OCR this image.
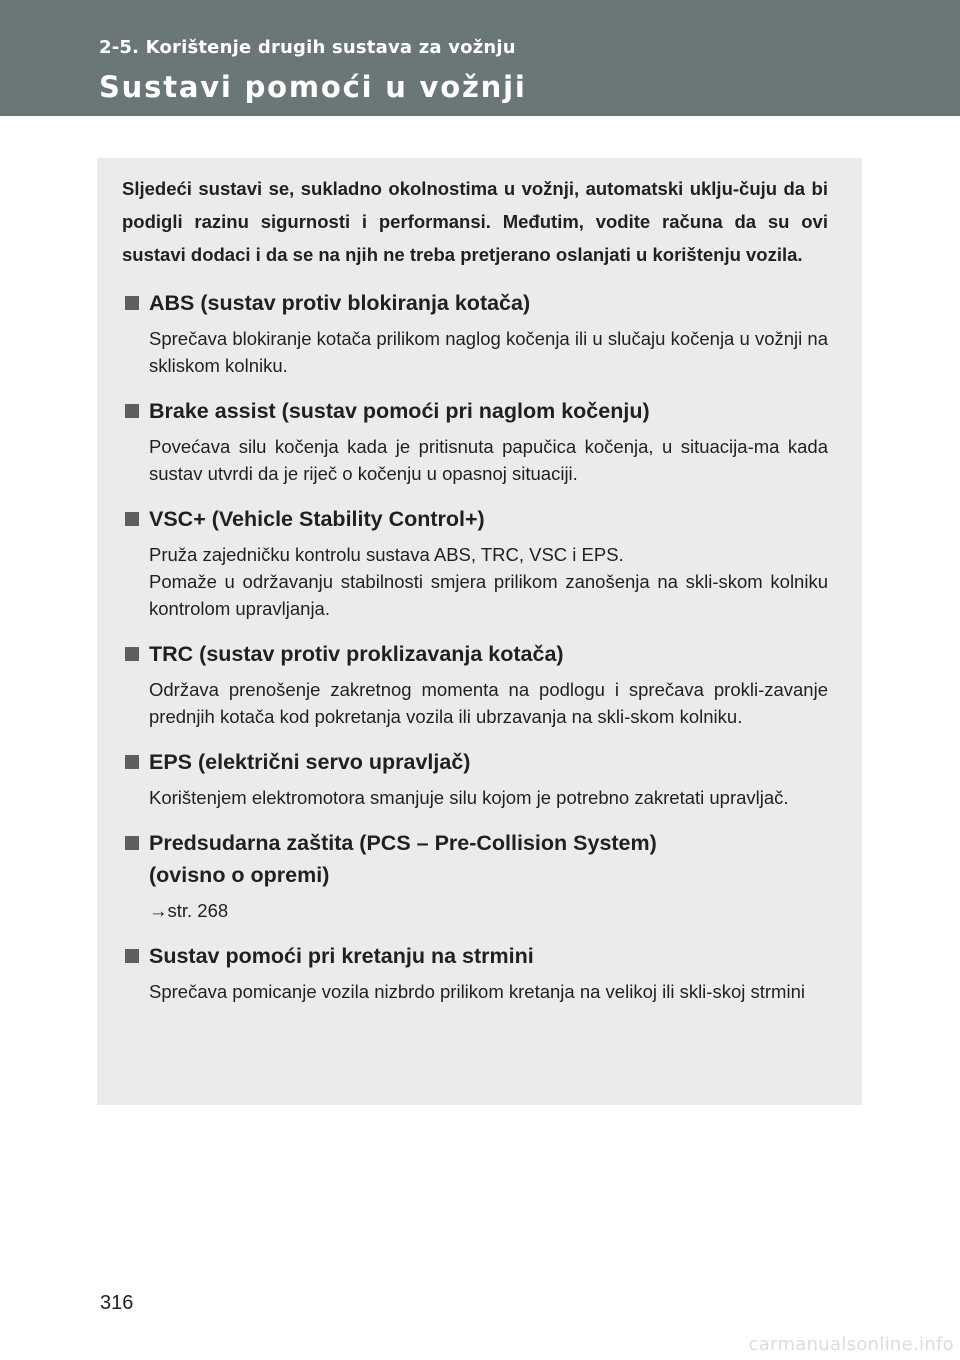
2-5. Korištenje drugih sustava za vožnju
Sustavi pomoći u vožnji

Sljedeći sustavi se, sukladno okolnostima u vožnji, automatski uklju-čuju da bi podigli razinu sigurnosti i performansi. Međutim, vodite računa da su ovi sustavi dodaci i da se na njih ne treba pretjerano oslanjati u korištenju vozila.

ABS (sustav protiv blokiranja kotača)
Sprečava blokiranje kotača prilikom naglog kočenja ili u slučaju kočenja u vožnji na skliskom kolniku.
Brake assist (sustav pomoći pri naglom kočenju)
Povećava silu kočenja kada je pritisnuta papučica kočenja, u situacija-ma kada sustav utvrdi da je riječ o kočenju u opasnoj situaciji.
VSC+ (Vehicle Stability Control+)
Pruža zajedničku kontrolu sustava ABS, TRC, VSC i EPS.
Pomaže u održavanju stabilnosti smjera prilikom zanošenja na skli-skom kolniku kontrolom upravljanja.
TRC (sustav protiv proklizavanja kotača)
Održava prenošenje zakretnog momenta na podlogu i sprečava prokli-zavanje prednjih kotača kod pokretanja vozila ili ubrzavanja na skli-skom kolniku.
EPS (električni servo upravljač)
Korištenjem elektromotora smanjuje silu kojom je potrebno zakretati upravljač.
Predsudarna zaštita (PCS – Pre-Collision System)
(ovisno o opremi)
→str. 268
Sustav pomoći pri kretanju na strmini
Sprečava pomicanje vozila nizbrdo prilikom kretanja na velikoj ili skli-skoj strmini
316
carmanualsonline.info
